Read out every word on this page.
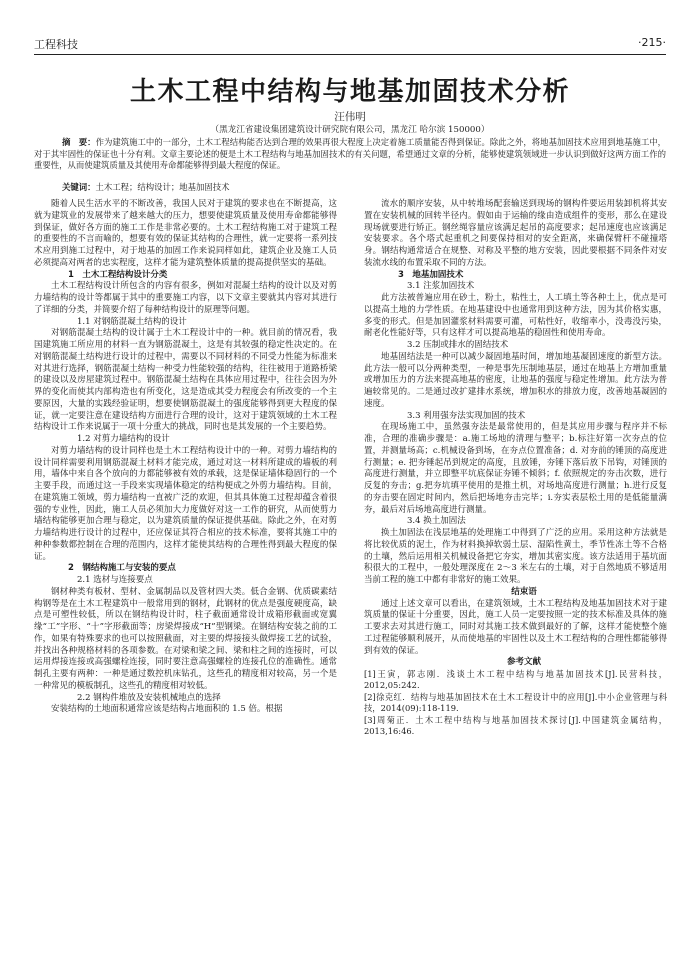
工程科技	·215·
土木工程中结构与地基加固技术分析
汪伟明
（黑龙江省建设集团建筑设计研究院有限公司，黑龙江 哈尔滨 150000）
摘　要：作为建筑施工中的一部分，土木工程结构能否达到合理的效果再很大程度上决定着施工质量能否得到保证。除此之外，将地基加固技术应用到地基施工中，对于其牢固性的保证也十分有利。文章主要论述的便是土木工程结构与地基加固技术的有关问题，希望通过文章的分析，能够使建筑领域进一步认识到做好这两方面工作的重要性，从而使建筑质量及其使用寿命都能够得到最大程度的保证。
关键词：土木工程；结构设计；地基加固技术

随着人民生活水平的不断改善，我国人民对于建筑的要求也在不断提高，这就为建筑业的发展带来了越来越大的压力，想要使建筑质量及使用寿命都能够得到保证，做好各方面的施工工作是非常必要的。土木工程结构施工对于建筑工程的重要性的不言而喻的，想要有效的保证其结构的合理性，就一定要将一系列技术应用到施工过程中，对于地基的加固工作来说同样如此，建筑企业及施工人员必须提高对两者的忠实程度，这样才能为建筑整体质量的提高提供坚实的基础。

1　土木工程结构设计分类

土木工程结构设计所包含的内容有很多，例如对混凝土结构的设计以及对剪力墙结构的设计等都属于其中的重要施工内容，以下文章主要就其内容对其进行了详细的分类，并简要介绍了每种结构设计的原理等问题。

1.1 对钢筋混凝土结构的设计

对钢筋混凝土结构的设计属于土木工程设计中的一种。就目前的情况看，我国建筑施工所应用的材料一直为钢筋混凝土，这是有其较强的稳定性决定的。在对钢筋混凝土结构进行设计的过程中，需要以不同材料的不同受力性能为标准来对其进行选择，钢筋混凝土结构一种受力性能较强的结构，往往被用于道路桥梁的建设以及房屋建筑过程中。钢筋混凝土结构在具体应用过程中，往往会因为外界的变化而使其内部构造也有所变化，这是造成其受力程度会有所改变的一个主要原因，大量的实践经验证明，想要使钢筋混凝土的强度能够得到更大程度的保证，就一定要注意在建设结构方面进行合理的设计，这对于建筑领域的土木工程结构设计工作来说属于一项十分重大的挑战，同时也是其发展的一个主要趋势。

1.2 对剪力墙结构的设计

对剪力墙结构的设计同样也是土木工程结构设计中的一种。对剪力墙结构的设计同样需要利用钢筋混凝土材料才能完成，通过对这一材料所建成的墙板的利用，墙体中来自各个放向的力都能够被有效的承载，这是保证墙体稳固行的一个主要手段，而通过这一手段来实现墙体稳定的结构便成之外剪力墙结构。目前，在建筑施工领域，剪力墙结构一直被广泛的欢迎，但其具体施工过程却蕴含着很强的专业性，因此，施工人员必须加大力度做好对这一工作的研究，从而使剪力墙结构能够更加合理与稳定，以为建筑质量的保证提供基础。除此之外，在对剪力墙结构进行设计的过程中，还应保证其符合相应的技术标准，要将其施工中的种种参数都控制在合理的范围内，这样才能使其结构的合理性得到最大程度的保证。

2　钢结构施工与安装的要点

2.1 选材与连接要点

钢材种类有板材、型材、金属制品以及管材四大类。低合金钢、优质碳素结构钢等是在土木工程建筑中一般常用到的钢材，此钢材的优点是强度硬度高，缺点是可塑性较低，所以在钢结构设计时，柱子截面通常设计成箱形截面或宽翼缘“工”字形、“十”字形截面等；房梁焊接成“H”型钢梁。在钢结构安装之前的工作，如果有特殊要求的也可以按照截面，对主要的焊接接头做焊接工艺的试验，并找出各种规格材料的各项参数。在对梁和梁之间、梁和柱之间的连接时，可以运用焊接连接或高强螺栓连接，同时要注意高强螺栓的连接孔位的准确性。通常制孔主要有两种：一种是通过数控机床钻孔，这些孔的精度相对较高，另一个是一种常见的模板制孔，这些孔的精度相对较低。

2.2 钢构件堆放及安装机械地点的选择

安装结构的土地面积通常应该是结构占地面积的 1.5 倍。根据

流水的顺序安装，从中转堆场配套输送到现场的钢构件要运用装卸机将其安置在安装机械的回转半径内。假如由于运输的缘由造成组件的变形，那么在建设现场就要进行矫正。钢丝绳容量应该满足起吊的高度要求；起吊速度也应该满足安装要求。各个塔式起重机之间要保持相对的安全距离，来确保臂杆不碰撞塔身。钢结构通常适合在规整、对称及平整的地方安装，因此要根据不同条件对安装流水线的布置采取不同的方法。

3　地基加固技术

3.1 注浆加固技术

此方法被普遍应用在砂土，粉土，粘性土，人工填土等各种土上，优点是可以提高土地的力学性质。在地基建设中也通常用到这种方法，因为其价格实惠，多变的形式。但是加固灌浆材料需要可灌，可粘性好，收缩率小，没毒没污染，耐老化性能好等，只有这样才可以提高地基的稳固性和使用寿命。

3.2 压制或排水的固结技术

地基固结法是一种可以减少凝固地基时间，增加地基凝固速度的新型方法。此方法一般可以分两种类型，一种是事先压制地基层，通过在地基上方增加重量或增加压力的方法来提高地基的密度，让地基的强度与稳定性增加。此方法为普遍较常见的。二是通过改扩建排水系统，增加积水的排放力度，改善地基凝固的速度。

3.3 利用强夯法实现加固的技术

在现场施工中，虽然强夯法是最常使用的，但是其应用步骤与程序并不标准，合理的准确步骤是：a.施工场地的清理与整平；b.标注好第一次夯点的位置，并测量场高；c.机械设备到场，在夯点位置准备；d. 对夯前的锤顶的高度进行测量；e. 把夯锤起吊到规定的高度，且放锤，夯锤下落后放下吊钩，对锤顶的高度进行测量，并立即整平坑底保证夯锤不倾斜；f. 依照规定的夯击次数，进行反复的夯击；g.把夯坑填平使用的是推土机，对场地高度进行测量；h.进行反复的夯击要在固定时间内，然后把场地夯击完毕；i.夯实表层松土用的是低能量满夯，最后对后场地高度进行测量。

3.4 换土加固法

换土加固法在浅层地基的处理施工中得到了广泛的应用。采用这种方法就是将比较优质的泥土，作为材料换掉软弱土层、湿陷性黄土，季节性冻土等不合格的土壤，然后运用相关机械设备把它夯实，增加其密实度。该方法适用于基坑面积很大的工程中，一般处理深度在 2～3 米左右的土壤，对于自然地质不够适用当前工程的施工中都有非常好的施工效果。

结束语

通过上述文章可以看出，在建筑领域，土木工程结构及地基加固技术对于建筑质量的保证十分重要，因此，施工人员一定要按照一定的技术标准及具体的施工要求去对其进行施工，同时对其施工技术做到最好的了解，这样才能使整个施工过程能够顺利展开，从而使地基的牢固性以及土木工程结构的合理性都能够得到有效的保证。

参考文献

[1]王寅，郭志刚．浅谈土木工程中结构与地基加固技术[J].民营科技，2012,05:242.

[2]徐克红．结构与地基加固技术在土木工程设计中的应用[J].中小企业管理与科技，2014(09):118-119.

[3]周菊正．土木工程中结构与地基加固技术探讨[J].中国建筑金属结构，2013,16:46.
